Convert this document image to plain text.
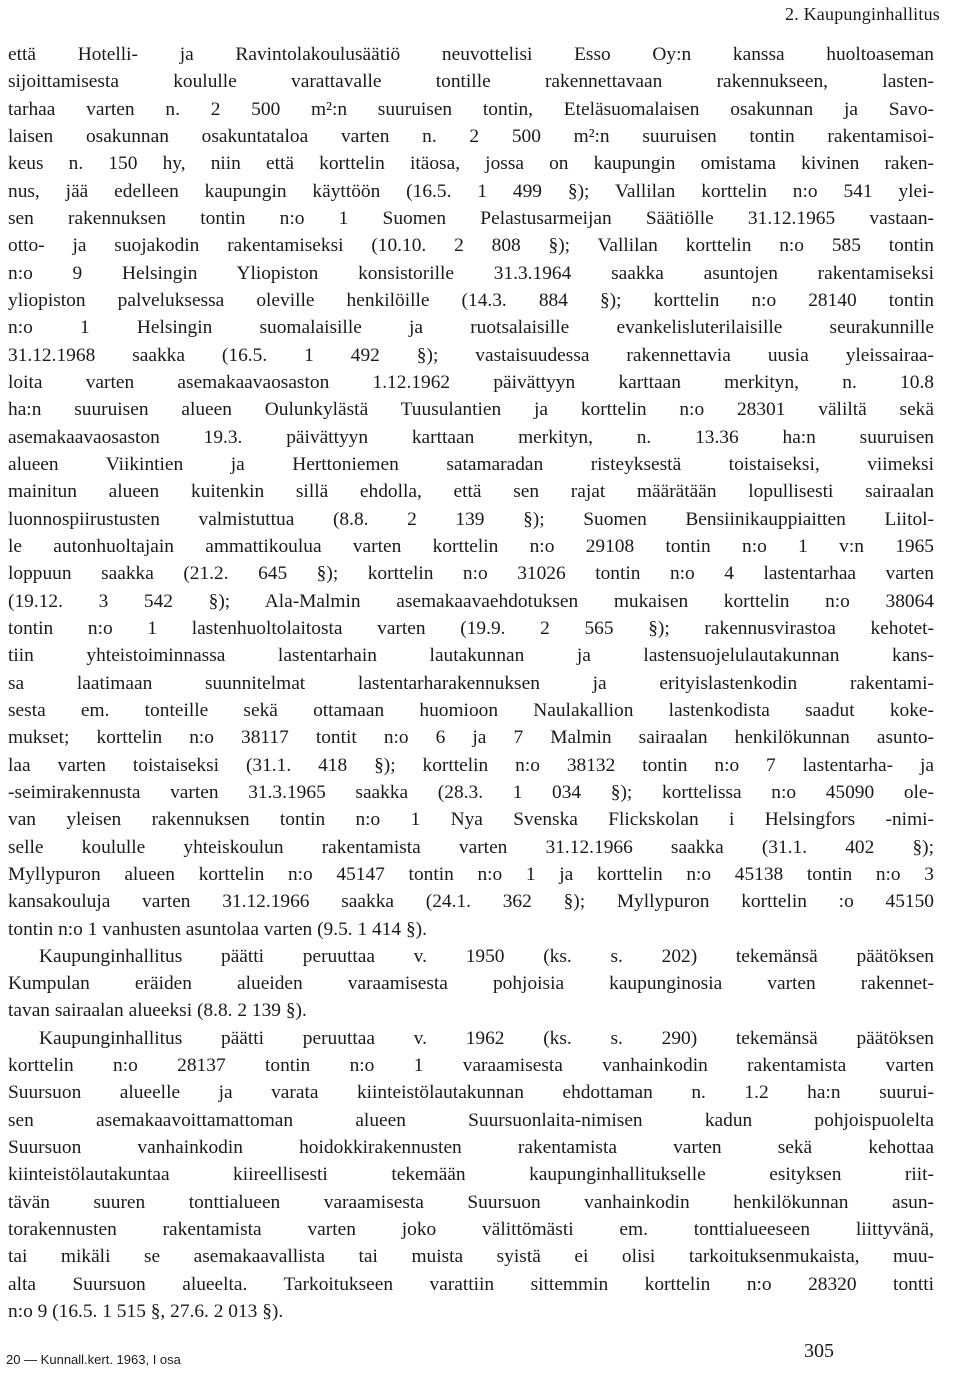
2. Kaupunginhallitus
että Hotelli- ja Ravintolakoulusäätiö neuvottelisi Esso Oy:n kanssa huoltoaseman
sijoittamisesta koululle varattavalle tontille rakennettavaan rakennukseen, lasten-
tarhaa varten n. 2 500 m²:n suuruisen tontin, Eteläsuomalaisen osakunnan ja Savo-
laisen osakunnan osakuntataloa varten n. 2 500 m²:n suuruisen tontin rakentamisoi-
keus n. 150 hy, niin että korttelin itäosa, jossa on kaupungin omistama kivinen raken-
nus, jää edelleen kaupungin käyttöön (16.5. 1 499 §); Vallilan korttelin n:o 541 ylei-
sen rakennuksen tontin n:o 1 Suomen Pelastusarmeijan Säätiölle 31.12.1965 vastaan-
otto- ja suojakodin rakentamiseksi (10.10. 2 808 §); Vallilan korttelin n:o 585 tontin
n:o 9 Helsingin Yliopiston konsistorille 31.3.1964 saakka asuntojen rakentamiseksi
yliopiston palveluksessa oleville henkilöille (14.3. 884 §); korttelin n:o 28140 tontin
n:o 1 Helsingin suomalaisille ja ruotsalaisille evankelisluterilaisille seurakunnille
31.12.1968 saakka (16.5. 1 492 §); vastaisuudessa rakennettavia uusia yleissairaa-
loita varten asemakaavaosaston 1.12.1962 päivättyyn karttaan merkityn, n. 10.8
ha:n suuruisen alueen Oulunkylästä Tuusulantien ja korttelin n:o 28301 väliltä sekä
asemakaavaosaston 19.3. päivättyyn karttaan merkityn, n. 13.36 ha:n suuruisen
alueen Viikintien ja Herttoniemen satamaradan risteyksestä toistaiseksi, viimeksi
mainitun alueen kuitenkin sillä ehdolla, että sen rajat määrätään lopullisesti sairaalan
luonnospiirustusten valmistuttua (8.8. 2 139 §); Suomen Bensiinikauppiaitten Liitol-
le autonhuoltajain ammattikoulua varten korttelin n:o 29108 tontin n:o 1 v:n 1965
loppuun saakka (21.2. 645 §); korttelin n:o 31026 tontin n:o 4 lastentarhaa varten
(19.12. 3 542 §); Ala-Malmin asemakaavaehdotuksen mukaisen korttelin n:o 38064
tontin n:o 1 lastenhuoltolaitosta varten (19.9. 2 565 §); rakennusvirastoa kehotet-
tiin yhteistoiminnassa lastentarhain lautakunnan ja lastensuojelulautakunnan kans-
sa laatimaan suunnitelmat lastentarharakennuksen ja erityislastenkodin rakentami-
sesta em. tonteille sekä ottamaan huomioon Naulakallion lastenkodista saadut koke-
mukset; korttelin n:o 38117 tontit n:o 6 ja 7 Malmin sairaalan henkilökunnan asunto-
laa varten toistaiseksi (31.1. 418 §); korttelin n:o 38132 tontin n:o 7 lastentarha- ja
-seimirakennusta varten 31.3.1965 saakka (28.3. 1 034 §); korttelissa n:o 45090 ole-
van yleisen rakennuksen tontin n:o 1 Nya Svenska Flickskolan i Helsingfors -nimi-
selle koululle yhteiskoulun rakentamista varten 31.12.1966 saakka (31.1. 402 §);
Myllypuron alueen korttelin n:o 45147 tontin n:o 1 ja korttelin n:o 45138 tontin n:o 3
kansakouluja varten 31.12.1966 saakka (24.1. 362 §); Myllypuron korttelin :o 45150
tontin n:o 1 vanhusten asuntolaa varten (9.5. 1 414 §).
Kaupunginhallitus päätti peruuttaa v. 1950 (ks. s. 202) tekemänsä päätöksen
Kumpulan eräiden alueiden varaamisesta pohjoisia kaupunginosia varten rakennet-
tavan sairaalan alueeksi (8.8. 2 139 §).
Kaupunginhallitus päätti peruuttaa v. 1962 (ks. s. 290) tekemänsä päätöksen
korttelin n:o 28137 tontin n:o 1 varaamisesta vanhainkodin rakentamista varten
Suursuon alueelle ja varata kiinteistölautakunnan ehdottaman n. 1.2 ha:n suurui-
sen asemakaavoittamattoman alueen Suursuonlaita-nimisen kadun pohjoispuolelta
Suursuon vanhainkodin hoidokkirakennusten rakentamista varten sekä kehottaa
kiinteistölautakuntaa kiireellisesti tekemään kaupunginhallitukselle esityksen riit-
tävän suuren tonttialueen varaamisesta Suursuon vanhainkodin henkilökunnan asun-
torakennusten rakentamista varten joko välittömästi em. tonttialueeseen liittyvänä,
tai mikäli se asemakaavallista tai muista syistä ei olisi tarkoituksenmukaista, muu-
alta Suursuon alueelta. Tarkoitukseen varattiin sittemmin korttelin n:o 28320 tontti
n:o 9 (16.5. 1 515 §, 27.6. 2 013 §).
20 — Kunnall.kert. 1963, I osa	305
